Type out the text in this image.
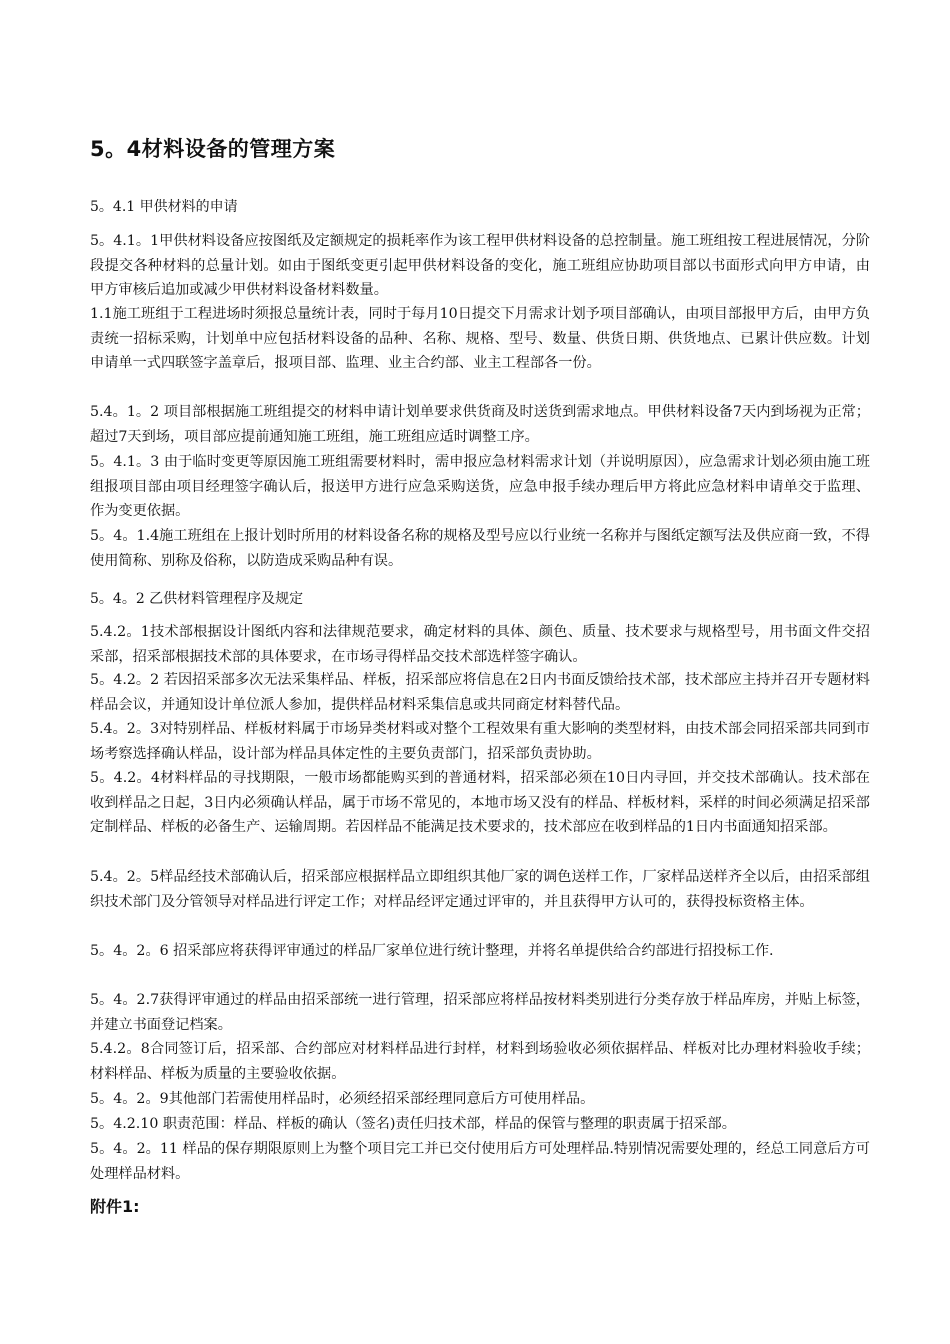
5。4材料设备的管理方案
5。4.1 甲供材料的申请
5。4.1。1甲供材料设备应按图纸及定额规定的损耗率作为该工程甲供材料设备的总控制量。施工班组按工程进展情况，分阶段提交各种材料的总量计划。如由于图纸变更引起甲供材料设备的变化，施工班组应协助项目部以书面形式向甲方申请，由甲方审核后追加或减少甲供材料设备材料数量。
1.1施工班组于工程进场时须报总量统计表，同时于每月10日提交下月需求计划予项目部确认，由项目部报甲方后，由甲方负责统一招标采购，计划单中应包括材料设备的品种、名称、规格、型号、数量、供货日期、供货地点、已累计供应数。计划申请单一式四联签字盖章后，报项目部、监理、业主合约部、业主工程部各一份。
5.4。1。2 项目部根据施工班组提交的材料申请计划单要求供货商及时送货到需求地点。甲供材料设备7天内到场视为正常；超过7天到场，项目部应提前通知施工班组，施工班组应适时调整工序。
5。4.1。3 由于临时变更等原因施工班组需要材料时，需申报应急材料需求计划（并说明原因），应急需求计划必须由施工班组报项目部由项目经理签字确认后，报送甲方进行应急采购送货，应急申报手续办理后甲方将此应急材料申请单交于监理、作为变更依据。
5。4。1.4施工班组在上报计划时所用的材料设备名称的规格及型号应以行业统一名称并与图纸定额写法及供应商一致，不得使用简称、别称及俗称，以防造成采购品种有误。
5。4。2 乙供材料管理程序及规定
5.4.2。1技术部根据设计图纸内容和法律规范要求，确定材料的具体、颜色、质量、技术要求与规格型号，用书面文件交招采部，招采部根据技术部的具体要求，在市场寻得样品交技术部选样签字确认。
5。4.2。2 若因招采部多次无法采集样品、样板，招采部应将信息在2日内书面反馈给技术部，技术部应主持并召开专题材料样品会议，并通知设计单位派人参加，提供样品材料采集信息或共同商定材料替代品。
5.4。2。3对特别样品、样板材料属于市场异类材料或对整个工程效果有重大影响的类型材料，由技术部会同招采部共同到市场考察选择确认样品，设计部为样品具体定性的主要负责部门，招采部负责协助。
5。4.2。4材料样品的寻找期限，一般市场都能购买到的普通材料，招采部必须在10日内寻回，并交技术部确认。技术部在收到样品之日起，3日内必须确认样品，属于市场不常见的，本地市场又没有的样品、样板材料，采样的时间必须满足招采部定制样品、样板的必备生产、运输周期。若因样品不能满足技术要求的，技术部应在收到样品的1日内书面通知招采部。
5.4。2。5样品经技术部确认后，招采部应根据样品立即组织其他厂家的调色送样工作，厂家样品送样齐全以后，由招采部组织技术部门及分管领导对样品进行评定工作；对样品经评定通过评审的，并且获得甲方认可的，获得投标资格主体。
5。4。2。6 招采部应将获得评审通过的样品厂家单位进行统计整理，并将名单提供给合约部进行招投标工作.
5。4。2.7获得评审通过的样品由招采部统一进行管理，招采部应将样品按材料类别进行分类存放于样品库房，并贴上标签，并建立书面登记档案。
5.4.2。8合同签订后，招采部、合约部应对材料样品进行封样，材料到场验收必须依据样品、样板对比办理材料验收手续；材料样品、样板为质量的主要验收依据。
5。4。2。9其他部门若需使用样品时，必须经招采部经理同意后方可使用样品。
5。4.2.10 职责范围：样品、样板的确认（签名)责任归技术部，样品的保管与整理的职责属于招采部。
5。4。2。11 样品的保存期限原则上为整个项目完工并已交付使用后方可处理样品.特别情况需要处理的，经总工同意后方可处理样品材料。
附件1:
